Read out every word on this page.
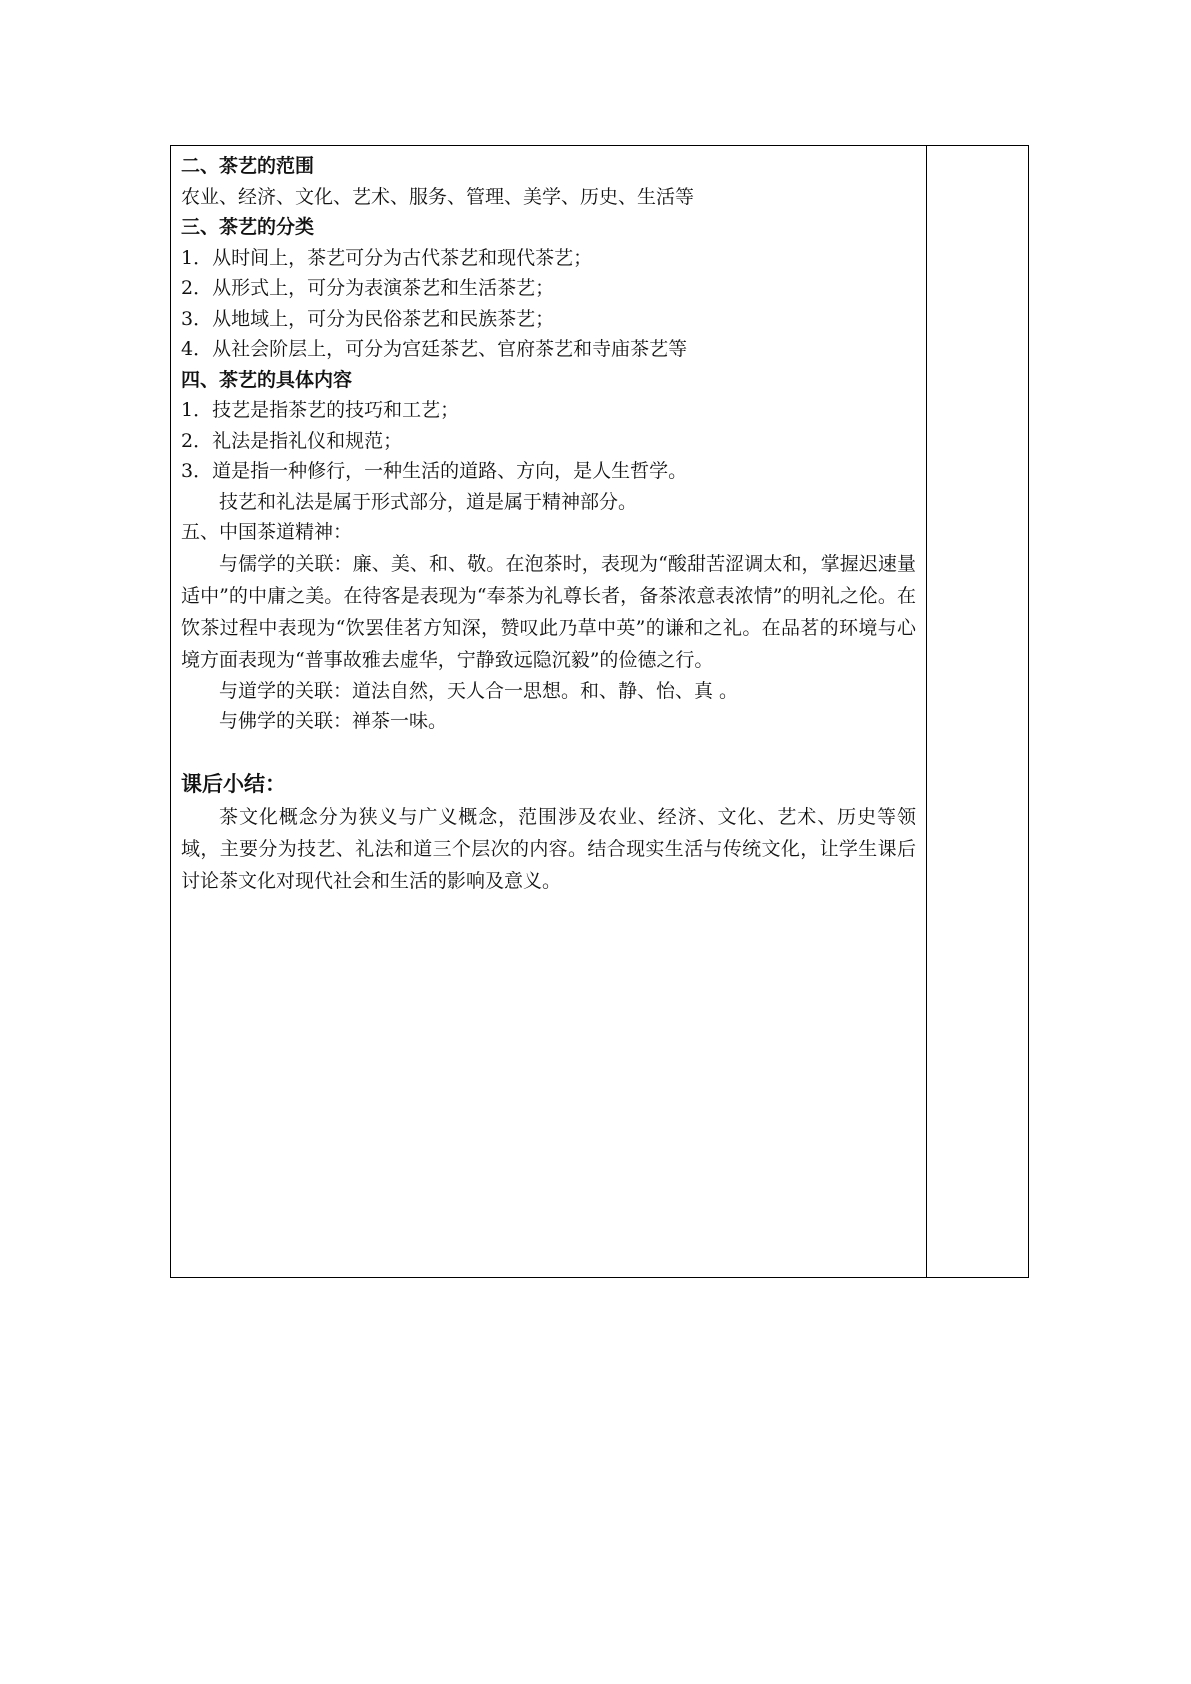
二、茶艺的范围

农业、经济、文化、艺术、服务、管理、美学、历史、生活等

三、茶艺的分类

1．从时间上，茶艺可分为古代茶艺和现代茶艺；

2．从形式上，可分为表演茶艺和生活茶艺；

3．从地域上，可分为民俗茶艺和民族茶艺；

4．从社会阶层上，可分为宫廷茶艺、官府茶艺和寺庙茶艺等

四、茶艺的具体内容

1．技艺是指茶艺的技巧和工艺；

2．礼法是指礼仪和规范；

3．道是指一种修行，一种生活的道路、方向，是人生哲学。

技艺和礼法是属于形式部分，道是属于精神部分。

五、中国茶道精神：

与儒学的关联：廉、美、和、敬。在泡茶时，表现为“酸甜苦涩调太和，掌握迟速量适中”的中庸之美。在待客是表现为“奉茶为礼尊长者，备茶浓意表浓情”的明礼之伦。在饮茶过程中表现为“饮罢佳茗方知深，赞叹此乃草中英”的谦和之礼。在品茗的环境与心境方面表现为“普事故雅去虚华，宁静致远隐沉毅”的俭德之行。

与道学的关联：道法自然，天人合一思想。和、静、怡、真 。

与佛学的关联：禅茶一味。

课后小结：

茶文化概念分为狭义与广义概念，范围涉及农业、经济、文化、艺术、历史等领域，主要分为技艺、礼法和道三个层次的内容。结合现实生活与传统文化，让学生课后讨论茶文化对现代社会和生活的影响及意义。
